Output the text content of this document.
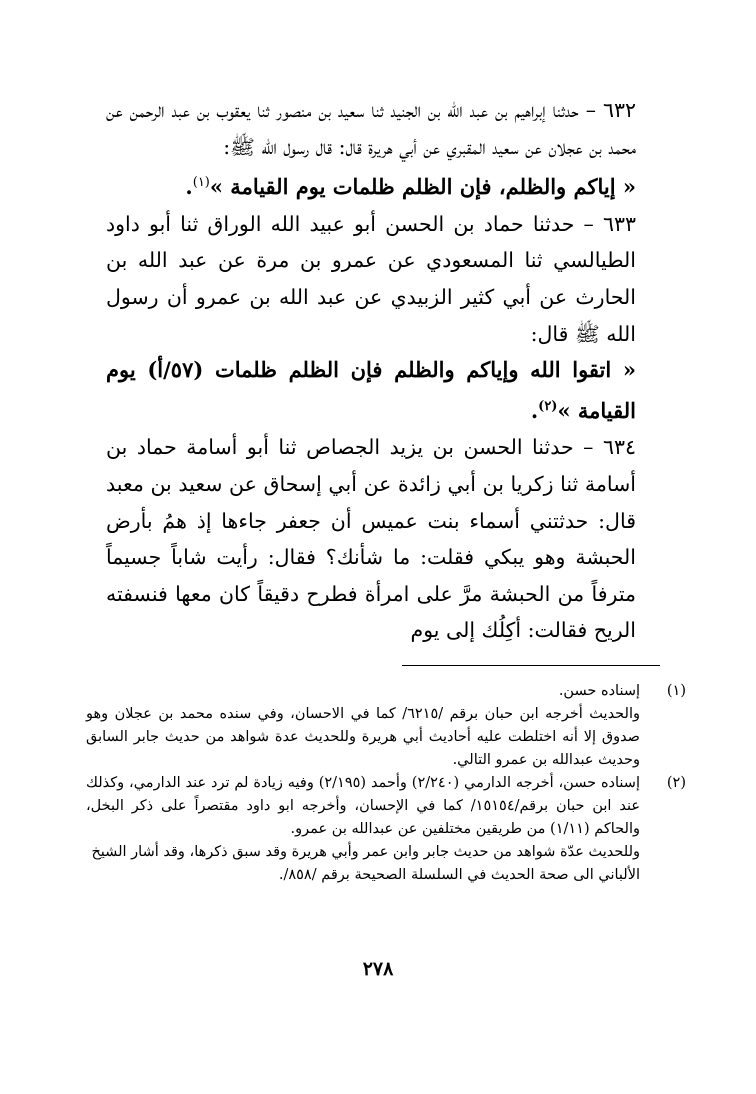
٦٣٢ – حدثنا إبراهيم بن عبد الله بن الجنيد ثنا سعيد بن منصور ثنا يعقوب بن عبد الرحمن عن محمد بن عجلان عن سعيد المقبري عن أبي هريرة قال: قال رسول الله ﷺ:

« إياكم والظلم، فإن الظلم ظلمات يوم القيامة »$^{(١)}$.

٦٣٣ – حدثنا حماد بن الحسن أبو عبيد الله الوراق ثنا أبو داود الطيالسي ثنا المسعودي عن عمرو بن مرة عن عبد الله بن الحارث عن أبي كثير الزبيدي عن عبد الله بن عمرو أن رسول الله ﷺ قال:

« اتقوا الله وإياكم والظلم فإن الظلم ظلمات (٥٧/أ) يوم القيامة »$^{(٢)}$.

٦٣٤ – حدثنا الحسن بن يزيد الجصاص ثنا أبو أسامة حماد بن أسامة ثنا زكريا بن أبي زائدة عن أبي إسحاق عن سعيد بن معبد قال: حدثتني أسماء بنت عميس أن جعفر جاءها إذ همُ بأرض الحبشة وهو يبكي فقلت: ما شأنك؟ فقال: رأيت شاباً جسيماً مترفاً من الحبشة مرَّ على امرأة فطرح دقيقاً كان معها فنسفته الريح فقالت: أكِلُك إلى يوم

(١)
إسناده حسن.
والحديث أخرجه ابن حبان برقم /٦٢١٥/ كما في الاحسان، وفي سنده محمد بن عجلان وهو صدوق إلا أنه اختلطت عليه أحاديث أبي هريرة وللحديث عدة شواهد من حديث جابر السابق وحديث عبدالله بن عمرو التالي.
(٢)
إسناده حسن، أخرجه الدارمي (٢/٢٤٠) وأحمد (٢/١٩٥) وفيه زيادة لم ترد عند الدارمي، وكذلك عند ابن حبان برقم/١٥١٥٤/ كما في الإحسان، وأخرجه ابو داود مقتصراً على ذكر البخل، والحاكم (١/١١) من طريقين مختلفين عن عبدالله بن عمرو.
وللحديث عدّة شواهد من حديث جابر وابن عمر وأبي هريرة وقد سبق ذكرها، وقد أشار الشيخ الألباني الى صحة الحديث في السلسلة الصحيحة برقم /٨٥٨/.
٢٧٨
